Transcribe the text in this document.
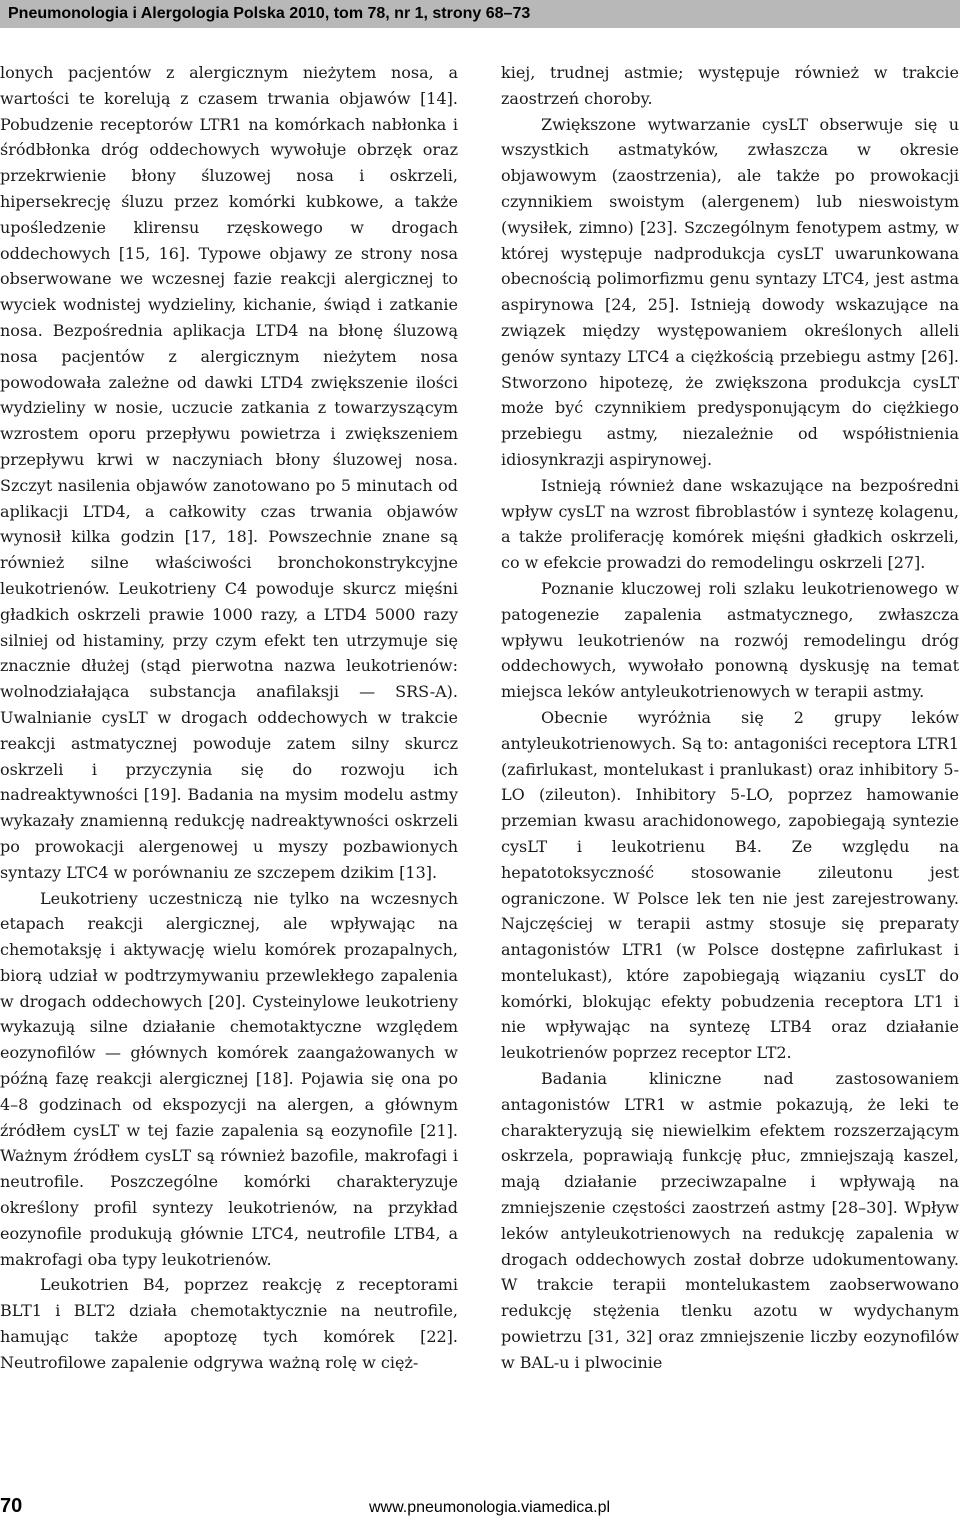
Pneumonologia i Alergologia Polska 2010, tom 78, nr 1, strony 68–73

lonych pacjentów z alergicznym nieżytem nosa, a wartości te korelują z czasem trwania objawów [14]. Pobudzenie receptorów LTR1 na komórkach nabłonka i śródbłonka dróg oddechowych wywołuje obrzęk oraz przekrwienie błony śluzowej nosa i oskrzeli, hipersekrecję śluzu przez komórki kubkowe, a także upośledzenie klirensu rzęskowego w drogach oddechowych [15, 16]. Typowe objawy ze strony nosa obserwowane we wczesnej fazie reakcji alergicznej to wyciek wodnistej wydzieliny, kichanie, świąd i zatkanie nosa. Bezpośrednia aplikacja LTD4 na błonę śluzową nosa pacjentów z alergicznym nieżytem nosa powodowała zależne od dawki LTD4 zwiększenie ilości wydzieliny w nosie, uczucie zatkania z towarzyszącym wzrostem oporu przepływu powietrza i zwiększeniem przepływu krwi w naczyniach błony śluzowej nosa. Szczyt nasilenia objawów zanotowano po 5 minutach od aplikacji LTD4, a całkowity czas trwania objawów wynosił kilka godzin [17, 18]. Powszechnie znane są również silne właściwości bronchokonstrykcyjne leukotrienów. Leukotrieny C4 powoduje skurcz mięśni gładkich oskrzeli prawie 1000 razy, a LTD4 5000 razy silniej od histaminy, przy czym efekt ten utrzymuje się znacznie dłużej (stąd pierwotna nazwa leukotrienów: wolnodziałająca substancja anafilaksji — SRS-A). Uwalnianie cysLT w drogach oddechowych w trakcie reakcji astmatycznej powoduje zatem silny skurcz oskrzeli i przyczynia się do rozwoju ich nadreaktywności [19]. Badania na mysim modelu astmy wykazały znamienną redukcję nadreaktywności oskrzeli po prowokacji alergenowej u myszy pozbawionych syntazy LTC4 w porównaniu ze szczepem dzikim [13].

Leukotrieny uczestniczą nie tylko na wczesnych etapach reakcji alergicznej, ale wpływając na chemotaksję i aktywację wielu komórek prozapalnych, biorą udział w podtrzymywaniu przewlekłego zapalenia w drogach oddechowych [20]. Cysteinylowe leukotrieny wykazują silne działanie chemotaktyczne względem eozynofilów — głównych komórek zaangażowanych w późną fazę reakcji alergicznej [18]. Pojawia się ona po 4–8 godzinach od ekspozycji na alergen, a głównym źródłem cysLT w tej fazie zapalenia są eozynofile [21]. Ważnym źródłem cysLT są również bazofile, makrofagi i neutrofile. Poszczególne komórki charakteryzuje określony profil syntezy leukotrienów, na przykład eozynofile produkują głównie LTC4, neutrofile LTB4, a makrofagi oba typy leukotrienów.

Leukotrien B4, poprzez reakcję z receptorami BLT1 i BLT2 działa chemotaktycznie na neutrofile, hamując także apoptozę tych komórek [22]. Neutrofilowe zapalenie odgrywa ważną rolę w cięż-

kiej, trudnej astmie; występuje również w trakcie zaostrzeń choroby.

Zwiększone wytwarzanie cysLT obserwuje się u wszystkich astmatyków, zwłaszcza w okresie objawowym (zaostrzenia), ale także po prowokacji czynnikiem swoistym (alergenem) lub nieswoistym (wysiłek, zimno) [23]. Szczególnym fenotypem astmy, w której występuje nadprodukcja cysLT uwarunkowana obecnością polimorfizmu genu syntazy LTC4, jest astma aspirynowa [24, 25]. Istnieją dowody wskazujące na związek między występowaniem określonych alleli genów syntazy LTC4 a ciężkością przebiegu astmy [26]. Stworzono hipotezę, że zwiększona produkcja cysLT może być czynnikiem predysponującym do ciężkiego przebiegu astmy, niezależnie od współistnienia idiosynkrazji aspirynowej.

Istnieją również dane wskazujące na bezpośredni wpływ cysLT na wzrost fibroblastów i syntezę kolagenu, a także proliferację komórek mięśni gładkich oskrzeli, co w efekcie prowadzi do remodelingu oskrzeli [27].

Poznanie kluczowej roli szlaku leukotrienowego w patogenezie zapalenia astmatycznego, zwłaszcza wpływu leukotrienów na rozwój remodelingu dróg oddechowych, wywołało ponowną dyskusję na temat miejsca leków antyleukotrienowych w terapii astmy.

Obecnie wyróżnia się 2 grupy leków antyleukotrienowych. Są to: antagoniści receptora LTR1 (zafirlukast, montelukast i pranlukast) oraz inhibitory 5-LO (zileuton). Inhibitory 5-LO, poprzez hamowanie przemian kwasu arachidonowego, zapobiegają syntezie cysLT i leukotrienu B4. Ze względu na hepatotoksyczność stosowanie zileutonu jest ograniczone. W Polsce lek ten nie jest zarejestrowany. Najczęściej w terapii astmy stosuje się preparaty antagonistów LTR1 (w Polsce dostępne zafirlukast i montelukast), które zapobiegają wiązaniu cysLT do komórki, blokując efekty pobudzenia receptora LT1 i nie wpływając na syntezę LTB4 oraz działanie leukotrienów poprzez receptor LT2.

Badania kliniczne nad zastosowaniem antagonistów LTR1 w astmie pokazują, że leki te charakteryzują się niewielkim efektem rozszerzającym oskrzela, poprawiają funkcję płuc, zmniejszają kaszel, mają działanie przeciwzapalne i wpływają na zmniejszenie częstości zaostrzeń astmy [28–30]. Wpływ leków antyleukotrienowych na redukcję zapalenia w drogach oddechowych został dobrze udokumentowany. W trakcie terapii montelukastem zaobserwowano redukcję stężenia tlenku azotu w wydychanym powietrzu [31, 32] oraz zmniejszenie liczby eozynofilów w BAL-u i plwocinie

70	www.pneumonologia.viamedica.pl
